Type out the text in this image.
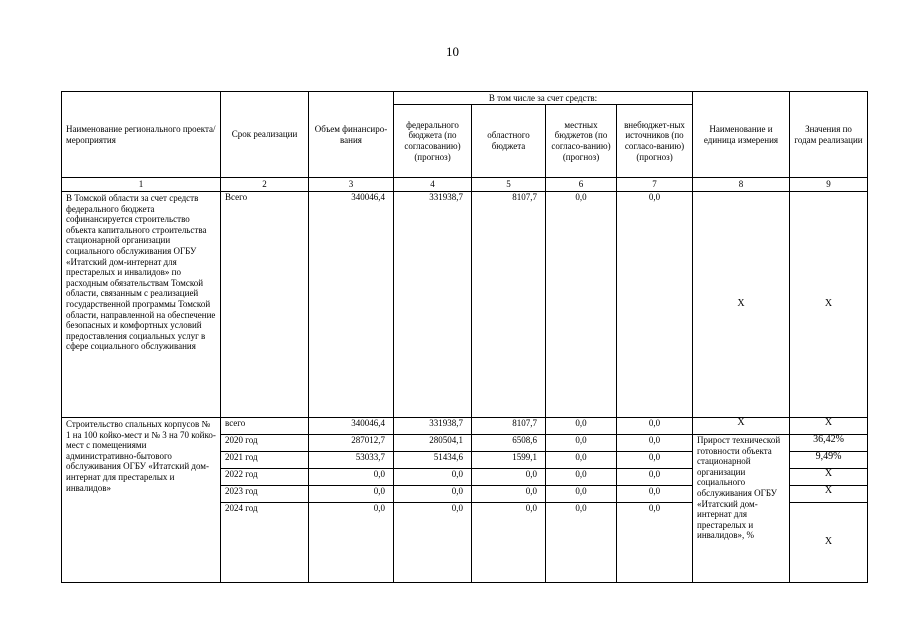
10
Наименование регионального проекта/ мероприятия	Срок реализации	Объем финансиро-вания	В том числе за счет средств:				Наименование и единица измерения	Значения по годам реализации
			федерального бюджета (по согласованию) (прогноз)	областного бюджета	местных бюджетов (по согласо-ванию) (прогноз)	внебюджет-ных источников (по согласо-ванию) (прогноз)		
1	2	3	4	5	6	7	8	9
В Томской области за счет средств федерального бюджета софинансируется строительство объекта капитального строительства стационарной организации социального обслуживания ОГБУ «Итатский дом-интернат для престарелых и инвалидов» по расходным обязательствам Томской области, связанным с реализацией государственной программы Томской области, направленной на обеспечение безопасных и комфортных условий предоставления социальных услуг в сфере социального обслуживания	Всего	340046,4	331938,7	8107,7	0,0	0,0	Х	Х
Строительство спальных корпусов № 1 на 100 койко-мест и № 3 на 70 койко-мест с помещениями административно-бытового обслуживания ОГБУ «Итатский дом-интернат для престарелых и инвалидов»	всего	340046,4	331938,7	8107,7	0,0	0,0	Х	Х
	2020 год	287012,7	280504,1	6508,6	0,0	0,0	Прирост технической готовности объекта стационарной организации социального обслуживания ОГБУ «Итатский дом-интернат для престарелых и инвалидов», %	36,42%
	2021 год	53033,7	51434,6	1599,1	0,0	0,0		9,49%
	2022 год	0,0	0,0	0,0	0,0	0,0		Х
	2023 год	0,0	0,0	0,0	0,0	0,0		Х
	2024 год	0,0	0,0	0,0	0,0	0,0		Х
